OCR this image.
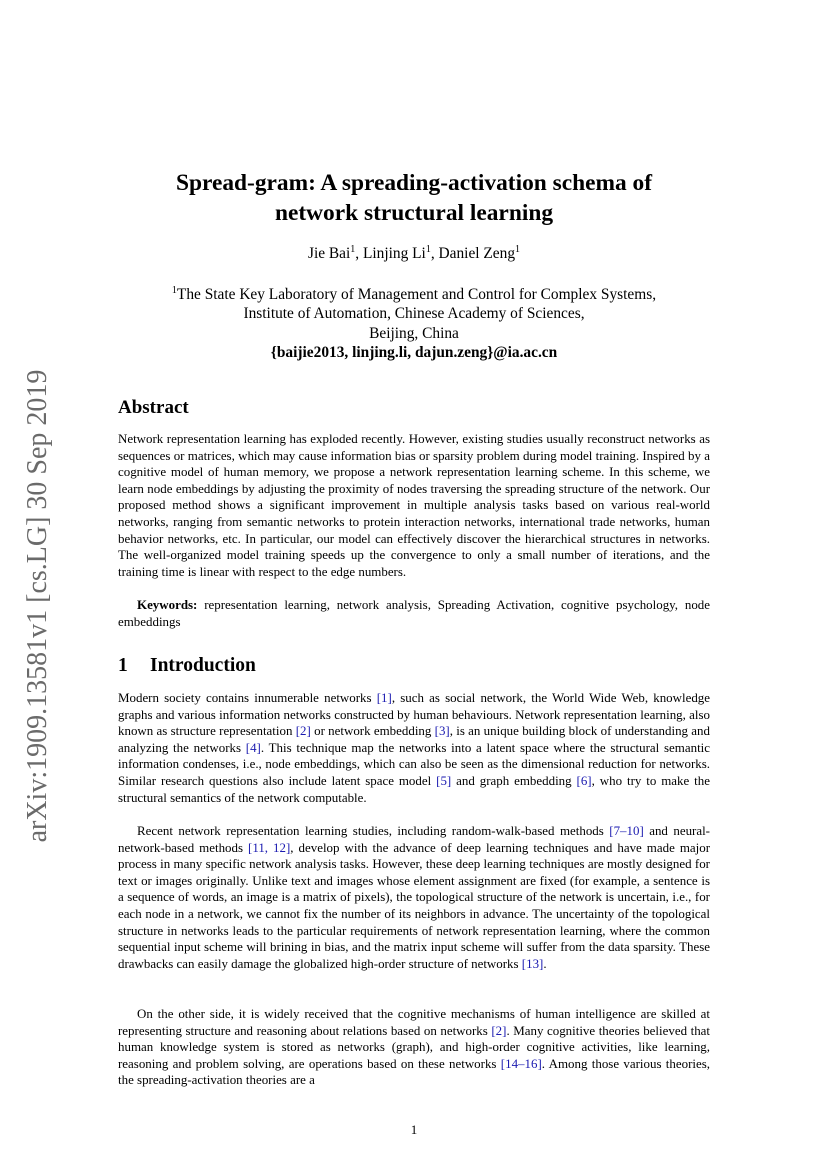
arXiv:1909.13581v1 [cs.LG] 30 Sep 2019
Spread-gram: A spreading-activation schema of
network structural learning
Jie Bai$^1$, Linjing Li$^1$, Daniel Zeng$^1$
$^1$The State Key Laboratory of Management and Control for Complex Systems,
Institute of Automation, Chinese Academy of Sciences,
Beijing, China
{baijie2013, linjing.li, dajun.zeng}@ia.ac.cn
Abstract

Network representation learning has exploded recently. However, existing studies usually reconstruct networks as sequences or matrices, which may cause information bias or sparsity problem during model training. Inspired by a cognitive model of human memory, we propose a network representation learning scheme. In this scheme, we learn node embeddings by adjusting the proximity of nodes traversing the spreading structure of the network. Our proposed method shows a significant improvement in multiple analysis tasks based on various real-world networks, ranging from semantic networks to protein interaction networks, international trade networks, human behavior networks, etc. In particular, our model can effectively discover the hierarchical structures in networks. The well-organized model training speeds up the convergence to only a small number of iterations, and the training time is linear with respect to the edge numbers.

Keywords: representation learning, network analysis, Spreading Activation, cognitive psychology, node embeddings

1 Introduction

Modern society contains innumerable networks [1], such as social network, the World Wide Web, knowledge graphs and various information networks constructed by human behaviours. Network representation learning, also known as structure representation [2] or network embedding [3], is an unique building block of understanding and analyzing the networks [4]. This technique map the networks into a latent space where the structural semantic information condenses, i.e., node embeddings, which can also be seen as the dimensional reduction for networks. Similar research questions also include latent space model [5] and graph embedding [6], who try to make the structural semantics of the network computable.

Recent network representation learning studies, including random-walk-based methods [7–10] and neural-network-based methods [11, 12], develop with the advance of deep learning techniques and have made major process in many specific network analysis tasks. However, these deep learning techniques are mostly designed for text or images originally. Unlike text and images whose element assignment are fixed (for example, a sentence is a sequence of words, an image is a matrix of pixels), the topological structure of the network is uncertain, i.e., for each node in a network, we cannot fix the number of its neighbors in advance. The uncertainty of the topological structure in networks leads to the particular requirements of network representation learning, where the common sequential input scheme will brining in bias, and the matrix input scheme will suffer from the data sparsity. These drawbacks can easily damage the globalized high-order structure of networks [13].

On the other side, it is widely received that the cognitive mechanisms of human intelligence are skilled at representing structure and reasoning about relations based on networks [2]. Many cognitive theories believed that human knowledge system is stored as networks (graph), and high-order cognitive activities, like learning, reasoning and problem solving, are operations based on these networks [14–16]. Among those various theories, the spreading-activation theories are a

1
